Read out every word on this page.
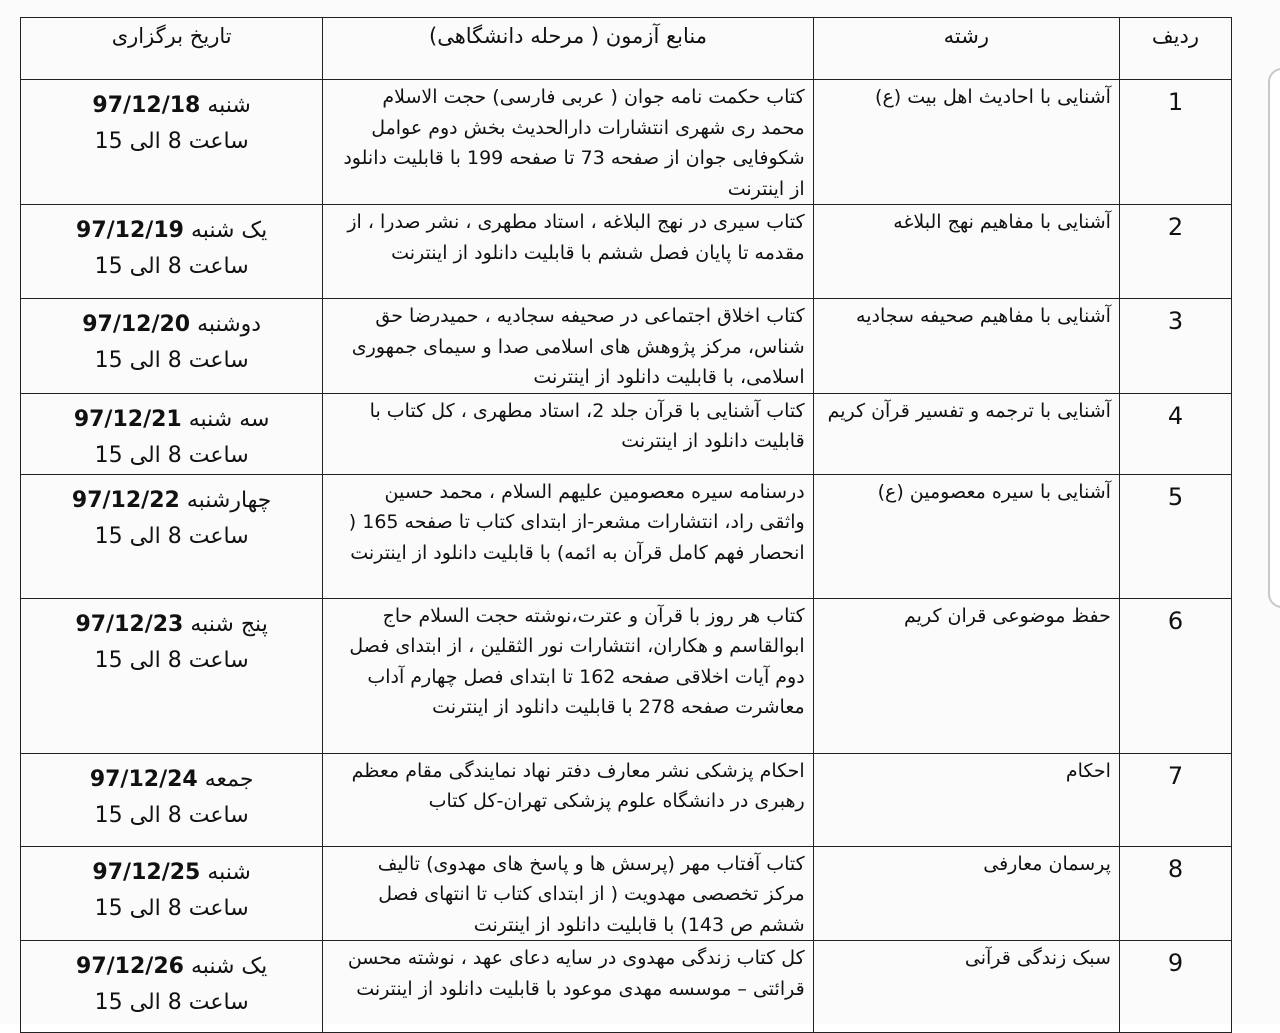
ردیف	رشته	منابع آزمون ( مرحله دانشگاهی)	تاریخ برگزاری
1	آشنایی با احادیث اهل بیت (ع)	کتاب حکمت نامه جوان ( عربی فارسی) حجت الاسلام محمد ری شهری انتشارات دارالحدیث بخش دوم عوامل شکوفایی جوان از صفحه 73 تا صفحه 199 با قابلیت دانلود از اینترنت	شنبه 97/12/18
ساعت 8 الی 15

2	آشنایی با مفاهیم نهج البلاغه	کتاب سیری در نهج البلاغه ، استاد مطهری ، نشر صدرا ، از مقدمه تا پایان فصل ششم با قابلیت دانلود از اینترنت	یک شنبه 97/12/19
ساعت 8 الی 15

3	آشنایی با مفاهیم صحیفه سجادیه	کتاب اخلاق اجتماعی در صحیفه سجادیه ، حمیدرضا حق شناس، مرکز پژوهش های اسلامی صدا و سیمای جمهوری اسلامی، با قابلیت دانلود از اینترنت	دوشنبه 97/12/20
ساعت 8 الی 15

4	آشنایی با ترجمه و تفسیر قرآن کریم	کتاب آشنایی با قرآن جلد 2، استاد مطهری ، کل کتاب با قابلیت دانلود از اینترنت	سه شنبه 97/12/21
ساعت 8 الی 15

5	آشنایی با سیره معصومین (ع)	درسنامه سیره معصومین علیهم السلام ، محمد حسین واثقی راد، انتشارات مشعر-از ابتدای کتاب تا صفحه 165 ( انحصار فهم کامل قرآن به ائمه) با قابلیت دانلود از اینترنت	چهارشنبه 97/12/22
ساعت 8 الی 15

6	حفظ موضوعی قران کریم	کتاب هر روز با قرآن و عترت،نوشته حجت السلام حاج ابوالقاسم و هکاران، انتشارات نور الثقلین ، از ابتدای فصل دوم آیات اخلاقی صفحه 162 تا ابتدای فصل چهارم آداب معاشرت صفحه 278 با قابلیت دانلود از اینترنت	پنج شنبه 97/12/23
ساعت 8 الی 15

7	احکام	احکام پزشکی نشر معارف دفتر نهاد نمایندگی مقام معظم رهبری در دانشگاه علوم پزشکی تهران-کل کتاب	جمعه 97/12/24
ساعت 8 الی 15

8	پرسمان معارفی	کتاب آفتاب مهر (پرسش ها و پاسخ های مهدوی) تالیف مرکز تخصصی مهدویت ( از ابتدای کتاب تا انتهای فصل ششم ص 143) با قابلیت دانلود از اینترنت	شنبه 97/12/25
ساعت 8 الی 15

9	سبک زندگی قرآنی	کل کتاب زندگی مهدوی در سایه دعای عهد ، نوشته محسن قرائتی – موسسه مهدی موعود با قابلیت دانلود از اینترنت	یک شنبه 97/12/26
ساعت 8 الی 15
